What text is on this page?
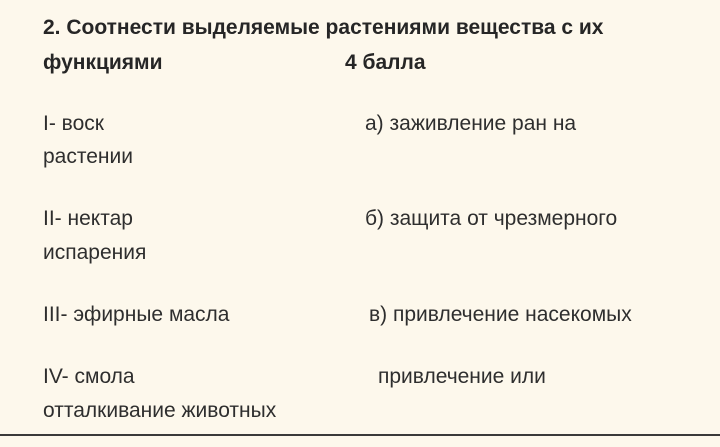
2. Соотнести выделяемые растениями вещества с их
функциями	4 балла
I- воск
растении
II- нектар
испарения
III- эфирные масла
IV- смола
отталкивание животных
а) заживление ран на
б) защита от чрезмерного
в) привлечение насекомых
привлечение или
